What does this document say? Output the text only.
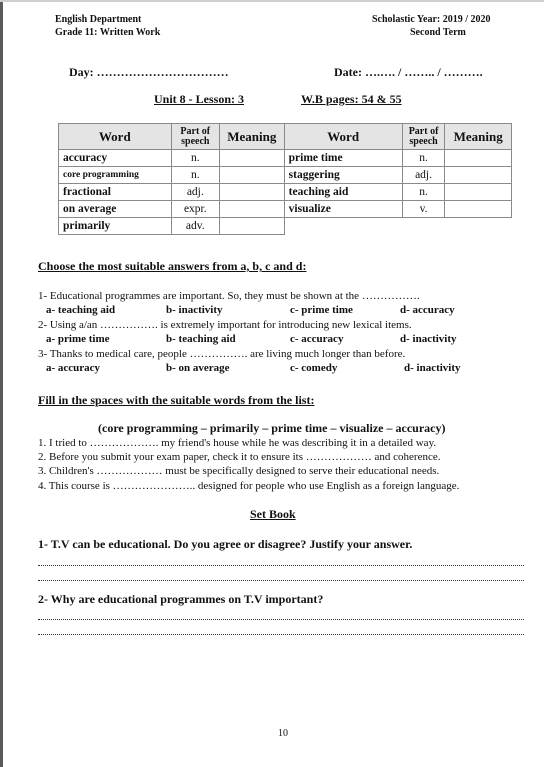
English Department
Grade 11: Written Work
Scholastic Year: 2019 / 2020
Second Term
Day: ……………………………	Date: ….…. / …….. / ……….
Unit 8 - Lesson: 3	W.B pages: 54 & 55
Word	Part of speech	Meaning	Word	Part of speech	Meaning
accuracy	n.		prime time	n.	
core programming	n.		staggering	adj.	
fractional	adj.		teaching aid	n.	
on average	expr.		visualize	v.	
primarily	adv.				
Choose the most suitable answers from a, b, c and d:
1- Educational programmes are important. So, they must be shown at the …………….
a- teaching aid	b- inactivity	c- prime time	d- accuracy
2- Using a/an ……………. is extremely important for introducing new lexical items.
a- prime time	b- teaching aid	c- accuracy	d- inactivity
3- Thanks to medical care, people ……………. are living much longer than before.
a- accuracy	b- on average	c- comedy	d- inactivity
Fill in the spaces with the suitable words from the list:
(core programming – primarily – prime time – visualize – accuracy)
1. I tried to ………………. my friend's house while he was describing it in a detailed way.
2. Before you submit your exam paper, check it to ensure its ……………… and coherence.
3. Children's ……………… must be specifically designed to serve their educational needs.
4. This course is ………………….. designed for people who use English as a foreign language.
Set Book
1- T.V can be educational. Do you agree or disagree? Justify your answer.
2- Why are educational programmes on T.V important?
10
